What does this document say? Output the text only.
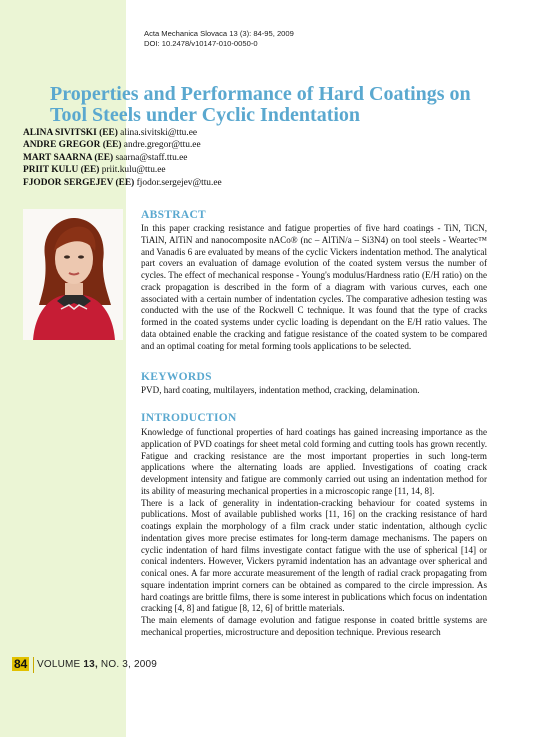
Acta Mechanica Slovaca 13 (3): 84-95, 2009
DOI: 10.2478/v10147-010-0050-0
Properties and Performance of Hard Coatings on Tool Steels under Cyclic Indentation
ALINA SIVITSKI (EE) alina.sivitski@ttu.ee
ANDRE GREGOR (EE) andre.gregor@ttu.ee
MART SAARNA (EE) saarna@staff.ttu.ee
PRIIT KULU (EE) priit.kulu@ttu.ee
FJODOR SERGEJEV (EE) fjodor.sergejev@ttu.ee
ABSTRACT

In this paper cracking resistance and fatigue properties of five hard coatings - TiN, TiCN, TiAlN, AlTiN and nanocomposite nACo® (nc – AlTiN/a – Si3N4) on tool steels - Weartec™ and Vanadis 6 are evaluated by means of the cyclic Vickers indentation method. The analytical part covers an evaluation of damage evolution of the coated system versus the number of cycles. The effect of mechanical response - Young's modulus/Hardness ratio (E/H ratio) on the crack propagation is described in the form of a diagram with various curves, each one associated with a certain number of indentation cycles. The comparative adhesion testing was conducted with the use of the Rockwell C technique. It was found that the type of cracks formed in the coated systems under cyclic loading is dependant on the E/H ratio values. The data obtained enable the cracking and fatigue resistance of the coated system to be compared and an optimal coating for metal forming tools applications to be selected.

KEYWORDS

PVD, hard coating, multilayers, indentation method, cracking, delamination.

INTRODUCTION

Knowledge of functional properties of hard coatings has gained increasing importance as the application of PVD coatings for sheet metal cold forming and cutting tools has grown recently. Fatigue and cracking resistance are the most important properties in such long-term applications where the alternating loads are applied. Investigations of coating crack development intensity and fatigue are commonly carried out using an indentation method for its ability of measuring mechanical properties in a microscopic range [11, 14, 8].

There is a lack of generality in indentation-cracking behaviour for coated systems in publications. Most of available published works [11, 16] on the cracking resistance of hard coatings explain the morphology of a film crack under static indentation, although cyclic indentation gives more precise estimates for long-term damage mechanisms. The papers on cyclic indentation of hard films investigate contact fatigue with the use of spherical [14] or conical indenters. However, Vickers pyramid indentation has an advantage over spherical and conical ones. A far more accurate measurement of the length of radial crack propagating from square indentation imprint corners can be obtained as compared to the circle impression. As hard coatings are brittle films, there is some interest in publications which focus on indentation cracking [4, 8] and fatigue [8, 12, 6] of brittle materials.

The main elements of damage evolution and fatigue response in coated brittle systems are mechanical properties, microstructure and deposition technique. Previous research

84 VOLUME 13, NO. 3, 2009
